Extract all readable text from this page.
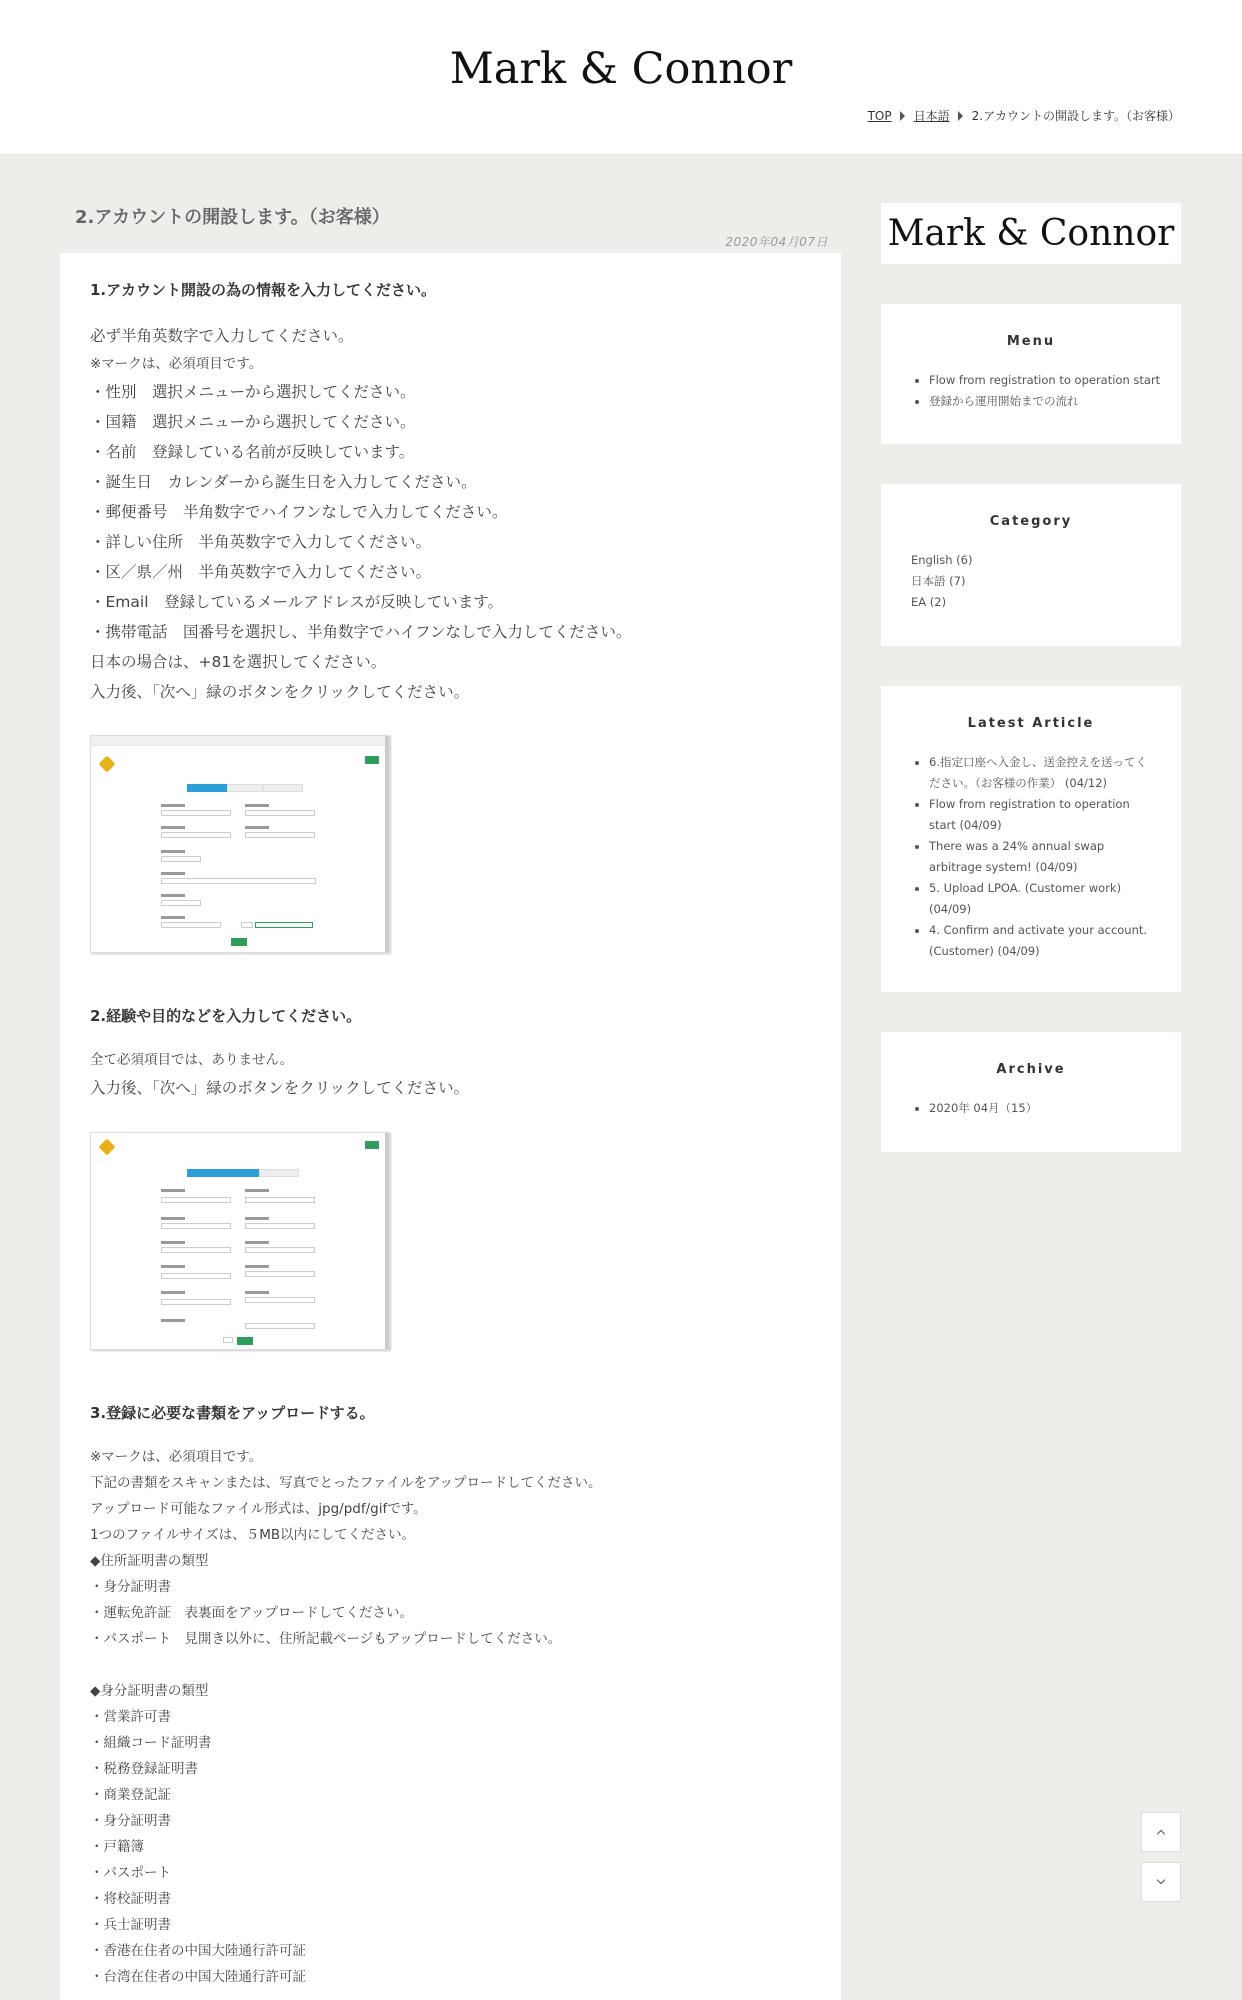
Mark & Connor
TOP 日本語 2.アカウントの開設します。（お客様）
2.アカウントの開設します。（お客様）
2020年04月07日
1.アカウント開設の為の情報を入力してください。
必ず半角英数字で入力してください。
※マークは、必須項目です。
・性別　選択メニューから選択してください。
・国籍　選択メニューから選択してください。
・名前　登録している名前が反映しています。
・誕生日　カレンダーから誕生日を入力してください。
・郵便番号　半角数字でハイフンなしで入力してください。
・詳しい住所　半角英数字で入力してください。
・区／県／州　半角英数字で入力してください。
・Email　登録しているメールアドレスが反映しています。
・携帯電話　国番号を選択し、半角数字でハイフンなしで入力してください。
日本の場合は、+81を選択してください。
入力後、「次へ」緑のボタンをクリックしてください。
2.経験や目的などを入力してください。
全て必須項目では、ありません。
入力後、「次へ」緑のボタンをクリックしてください。
3.登録に必要な書類をアップロードする。
※マークは、必須項目です。
下記の書類をスキャンまたは、写真でとったファイルをアップロードしてください。
アップロード可能なファイル形式は、jpg/pdf/gifです。
1つのファイルサイズは、５MB以内にしてください。
◆住所証明書の類型
・身分証明書
・運転免許証　表裏面をアップロードしてください。
・パスポート　見開き以外に、住所記載ページもアップロードしてください。
◆身分証明書の類型
・営業許可書
・組織コード証明書
・税務登録証明書
・商業登記証
・身分証明書
・戸籍簿
・パスポート
・将校証明書
・兵士証明書
・香港在住者の中国大陸通行許可証
・台湾在住者の中国大陸通行許可証
Mark & Connor
Menu
• Flow from registration to operation start
• 登録から運用開始までの流れ
Category
English (6)
日本語 (7)
EA (2)
Latest Article
• 6.指定口座へ入金し、送金控えを送ってください。（お客様の作業） (04/12)
• Flow from registration to operation start (04/09)
• There was a 24% annual swap arbitrage system! (04/09)
• 5. Upload LPOA. (Customer work) (04/09)
• 4. Confirm and activate your account. (Customer) (04/09)
Archive
• 2020年 04月（15）
